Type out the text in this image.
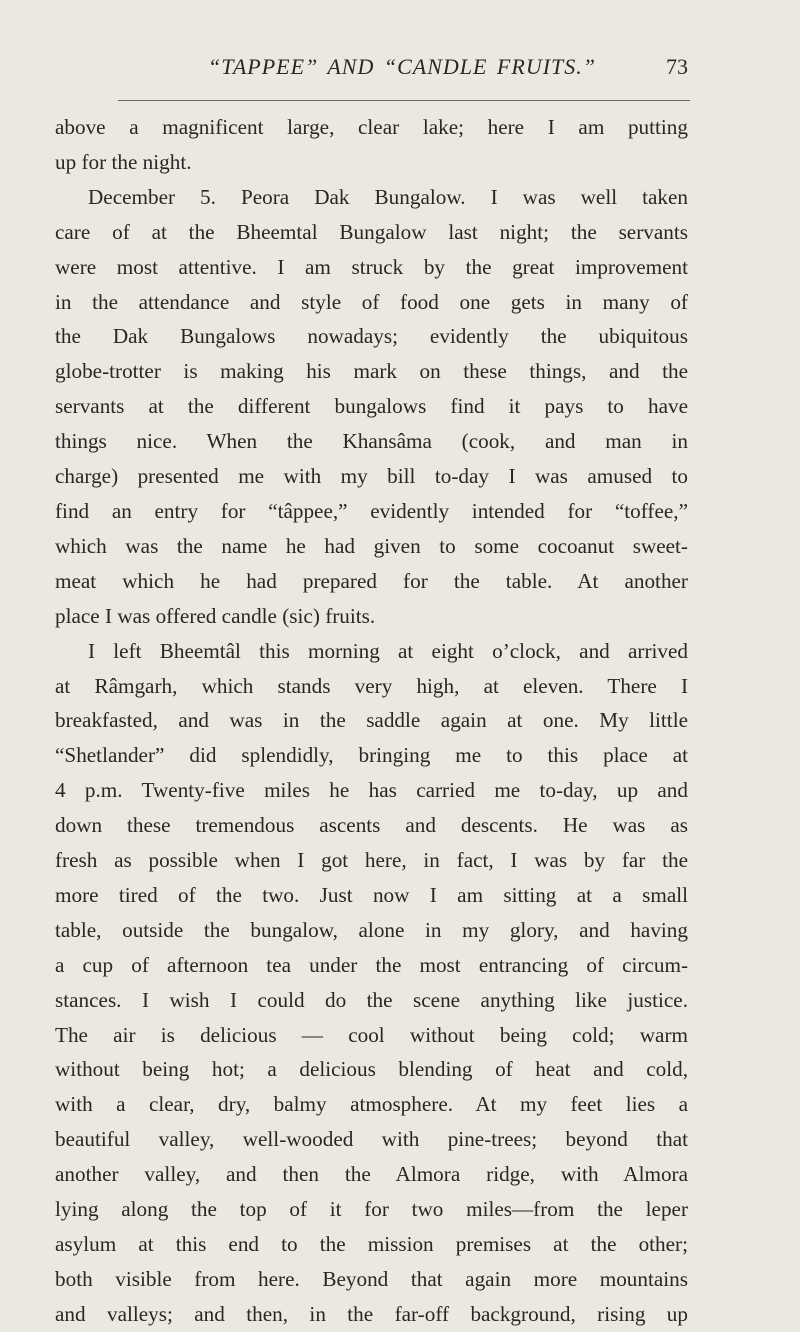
“TAPPEE” AND “CANDLE FRUITS.”	73
above a magnificent large, clear lake; here I am putting
up for the night.
December 5. Peora Dak Bungalow. I was well taken
care of at the Bheemtal Bungalow last night; the servants
were most attentive. I am struck by the great improvement
in the attendance and style of food one gets in many of
the Dak Bungalows nowadays; evidently the ubiquitous
globe-trotter is making his mark on these things, and the
servants at the different bungalows find it pays to have
things nice. When the Khansâma (cook, and man in
charge) presented me with my bill to-day I was amused to
find an entry for “tâppee,” evidently intended for “toffee,”
which was the name he had given to some cocoanut sweet-
meat which he had prepared for the table. At another
place I was offered candle (sic) fruits.
I left Bheemtâl this morning at eight o’clock, and arrived
at Râmgarh, which stands very high, at eleven. There I
breakfasted, and was in the saddle again at one. My little
“Shetlander” did splendidly, bringing me to this place at
4 p.m. Twenty-five miles he has carried me to-day, up and
down these tremendous ascents and descents. He was as
fresh as possible when I got here, in fact, I was by far the
more tired of the two. Just now I am sitting at a small
table, outside the bungalow, alone in my glory, and having
a cup of afternoon tea under the most entrancing of circum-
stances. I wish I could do the scene anything like justice.
The air is delicious — cool without being cold; warm
without being hot; a delicious blending of heat and cold,
with a clear, dry, balmy atmosphere. At my feet lies a
beautiful valley, well-wooded with pine-trees; beyond that
another valley, and then the Almora ridge, with Almora
lying along the top of it for two miles—from the leper
asylum at this end to the mission premises at the other;
both visible from here. Beyond that again more mountains
and valleys; and then, in the far-off background, rising up
